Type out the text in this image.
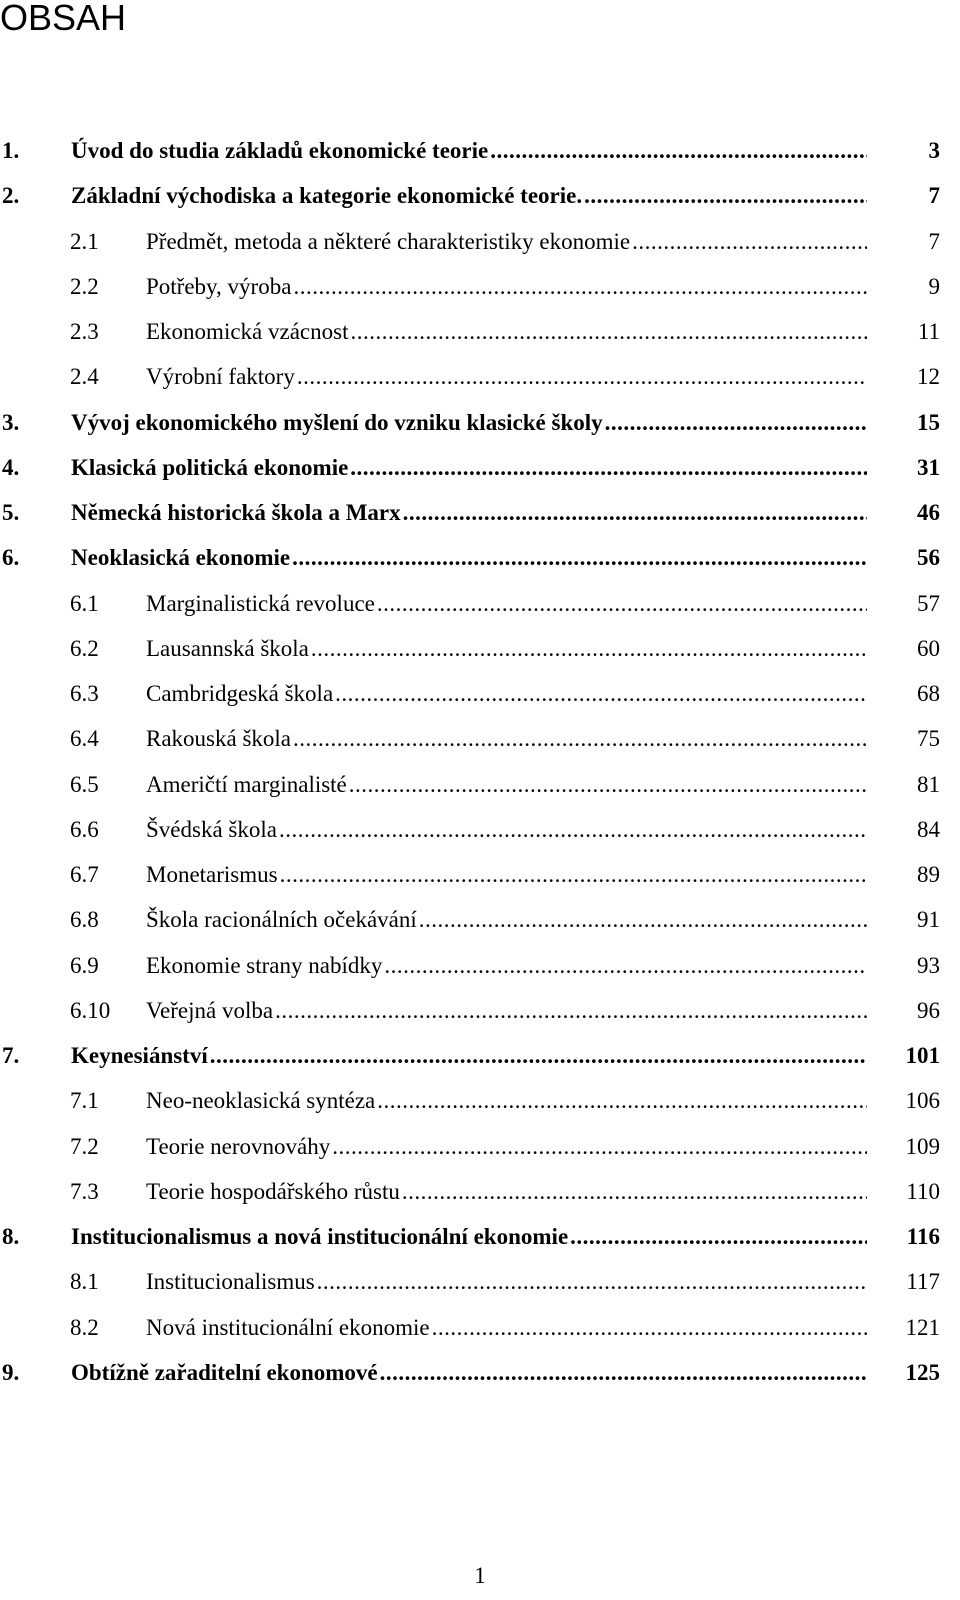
OBSAH
1. Úvod do studia základů ekonomické teorie .....	3
2. Základní východiska a kategorie ekonomické teorie. .....	7
2.1 Předmět, metoda a některé charakteristiky ekonomie .....	7
2.2 Potřeby, výroba .....	9
2.3 Ekonomická vzácnost .....	11
2.4 Výrobní faktory .....	12
3. Vývoj ekonomického myšlení do vzniku klasické školy .....	15
4. Klasická politická ekonomie .....	31
5. Německá historická škola a Marx .....	46
6. Neoklasická ekonomie .....	56
6.1 Marginalistická revoluce .....	57
6.2 Lausannská škola .....	60
6.3 Cambridgeská škola .....	68
6.4 Rakouská škola .....	75
6.5 Američtí marginalisté .....	81
6.6 Švédská škola .....	84
6.7 Monetarismus .....	89
6.8 Škola racionálních očekávání .....	91
6.9 Ekonomie strany nabídky .....	93
6.10 Veřejná volba .....	96
7. Keynesiánství .....	101
7.1 Neo-neoklasická syntéza .....	106
7.2 Teorie nerovnováhy .....	109
7.3 Teorie hospodářského růstu .....	110
8. Institucionalismus a nová institucionální ekonomie .....	116
8.1 Institucionalismus .....	117
8.2 Nová institucionální ekonomie .....	121
9. Obtížně zařaditelní ekonomové .....	125
1
